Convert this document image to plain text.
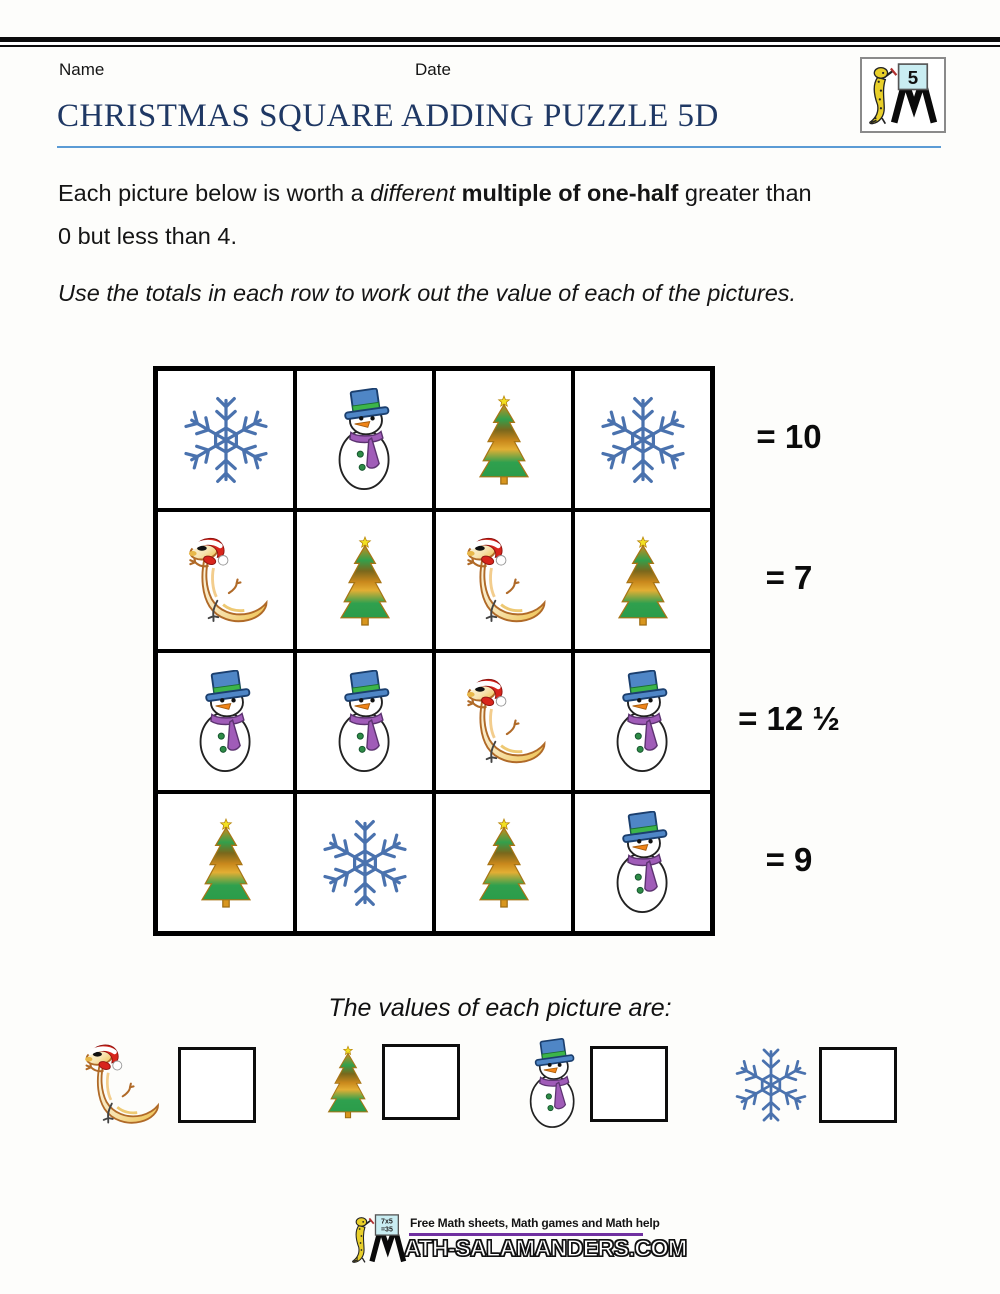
Name	Date	5
CHRISTMAS SQUARE ADDING PUZZLE 5D

Each picture below is worth a different multiple of one-half greater than
0 but less than 4.

Use the totals in each row to work out the value of each of the pictures.

= 10
= 7
= 12 ½
= 9

The values of each picture are:

7x5
=35
Free Math sheets, Math games and Math help
ATH-SALAMANDERS.COM
